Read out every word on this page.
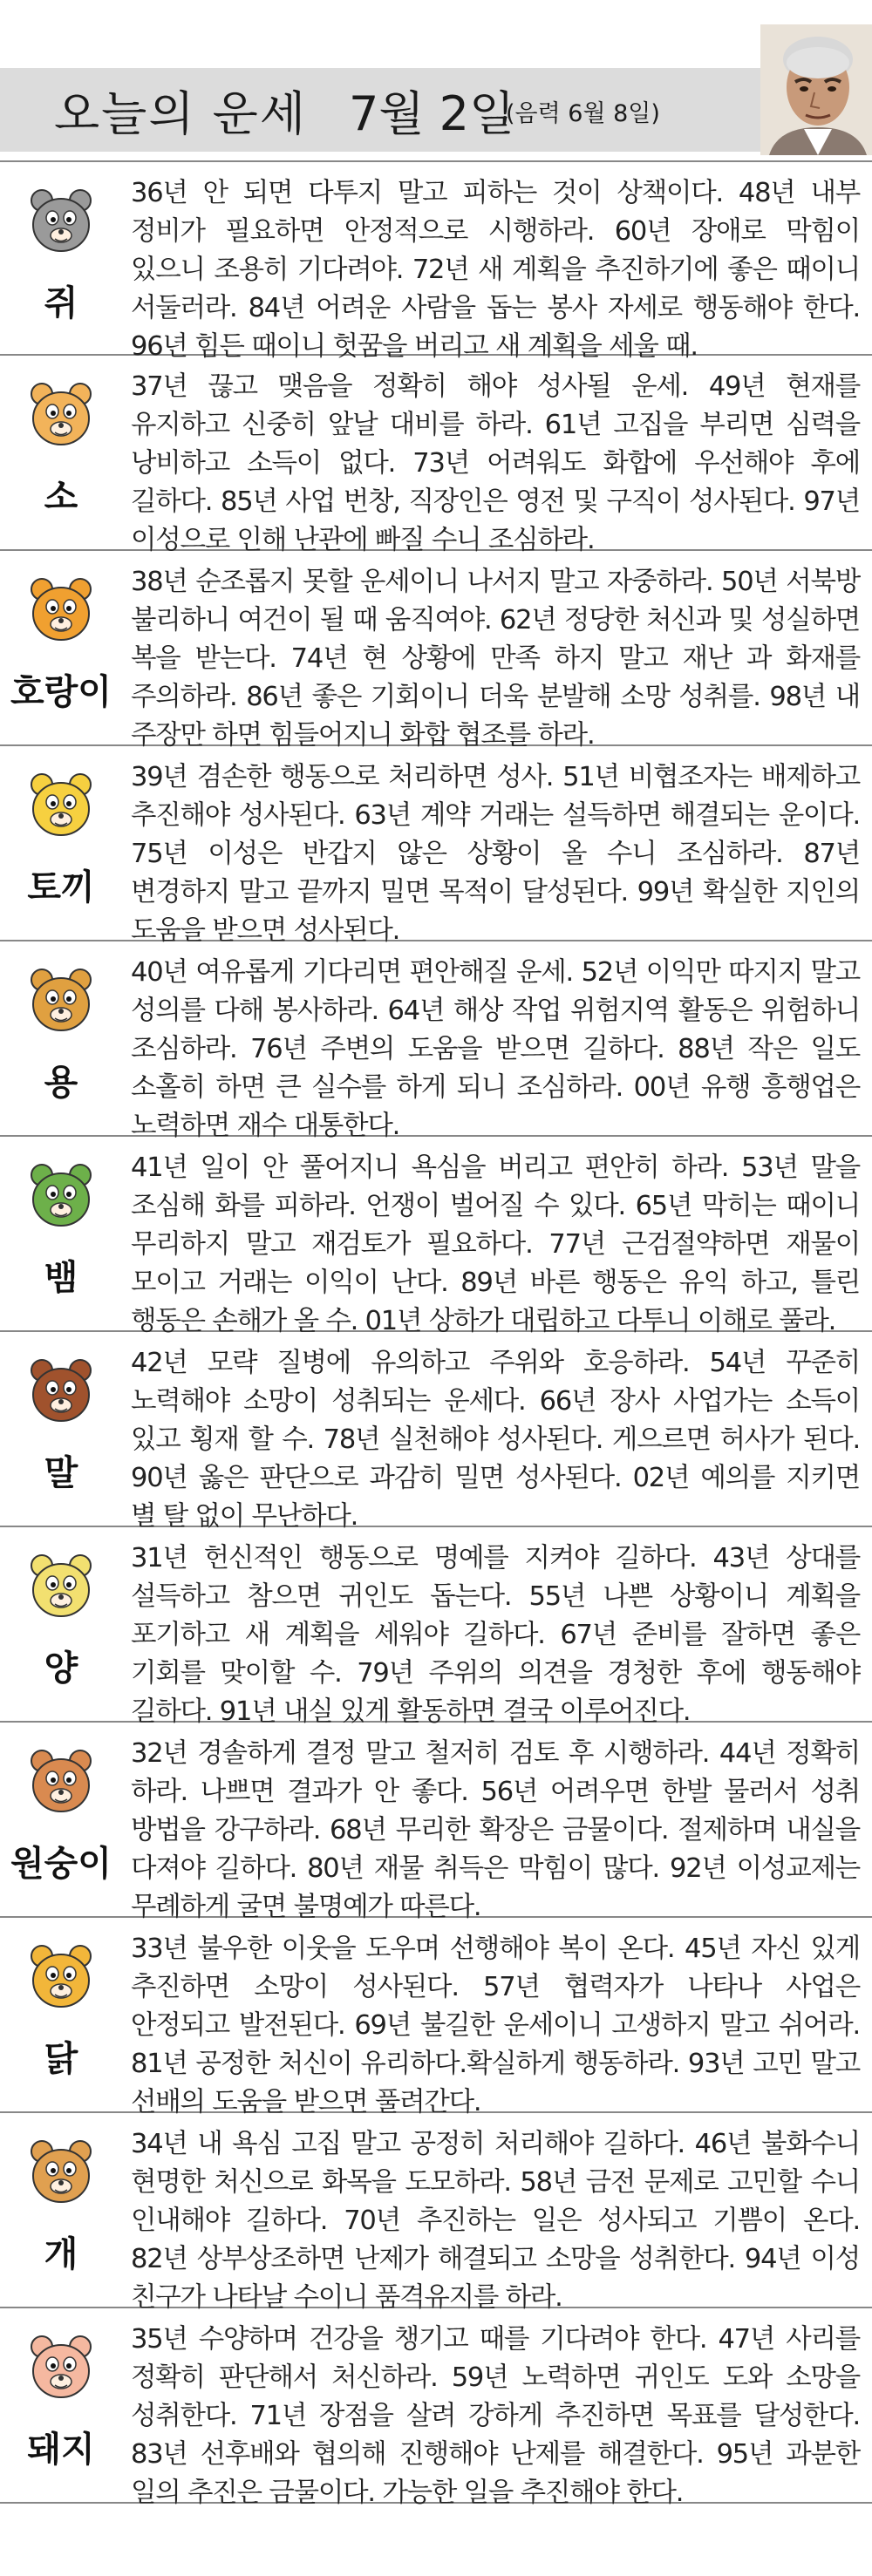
오늘의 운세 7월 2일
(음력 6월 8일)
쥐
36년 안 되면 다투지 말고 피하는 것이 상책이다. 48년 내부 정비가 필요하면 안정적으로 시행하라. 60년 장애로 막힘이 있으니 조용히 기다려야. 72년 새 계획을 추진하기에 좋은 때이니 서둘러라. 84년 어려운 사람을 돕는 봉사 자세로 행동해야 한다. 96년 힘든 때이니 헛꿈을 버리고 새 계획을 세울 때.
소
37년 끊고 맺음을 정확히 해야 성사될 운세. 49년 현재를 유지하고 신중히 앞날 대비를 하라. 61년 고집을 부리면 심력을 낭비하고 소득이 없다. 73년 어려워도 화합에 우선해야 후에 길하다. 85년 사업 번창, 직장인은 영전 및 구직이 성사된다. 97년 이성으로 인해 난관에 빠질 수니 조심하라.
호랑이
38년 순조롭지 못할 운세이니 나서지 말고 자중하라. 50년 서북방 불리하니 여건이 될 때 움직여야. 62년 정당한 처신과 및 성실하면 복을 받는다. 74년 현 상황에 만족 하지 말고 재난 과 화재를 주의하라. 86년 좋은 기회이니 더욱 분발해 소망 성취를. 98년 내 주장만 하면 힘들어지니 화합 협조를 하라.
토끼
39년 겸손한 행동으로 처리하면 성사. 51년 비협조자는 배제하고 추진해야 성사된다. 63년 계약 거래는 설득하면 해결되는 운이다. 75년 이성은 반갑지 않은 상황이 올 수니 조심하라. 87년 변경하지 말고 끝까지 밀면 목적이 달성된다. 99년 확실한 지인의 도움을 받으면 성사된다.
용
40년 여유롭게 기다리면 편안해질 운세. 52년 이익만 따지지 말고 성의를 다해 봉사하라. 64년 해상 작업 위험지역 활동은 위험하니 조심하라. 76년 주변의 도움을 받으면 길하다. 88년 작은 일도 소홀히 하면 큰 실수를 하게 되니 조심하라. 00년 유행 흥행업은 노력하면 재수 대통한다.
뱀
41년 일이 안 풀어지니 욕심을 버리고 편안히 하라. 53년 말을 조심해 화를 피하라. 언쟁이 벌어질 수 있다. 65년 막히는 때이니 무리하지 말고 재검토가 필요하다. 77년 근검절약하면 재물이 모이고 거래는 이익이 난다. 89년 바른 행동은 유익 하고, 틀린 행동은 손해가 올 수. 01년 상하가 대립하고 다투니 이해로 풀라.
말
42년 모략 질병에 유의하고 주위와 호응하라. 54년 꾸준히 노력해야 소망이 성취되는 운세다. 66년 장사 사업가는 소득이 있고 횡재 할 수. 78년 실천해야 성사된다. 게으르면 허사가 된다. 90년 옳은 판단으로 과감히 밀면 성사된다. 02년 예의를 지키면 별 탈 없이 무난하다.
양
31년 헌신적인 행동으로 명예를 지켜야 길하다. 43년 상대를 설득하고 참으면 귀인도 돕는다. 55년 나쁜 상황이니 계획을 포기하고 새 계획을 세워야 길하다. 67년 준비를 잘하면 좋은 기회를 맞이할 수. 79년 주위의 의견을 경청한 후에 행동해야 길하다. 91년 내실 있게 활동하면 결국 이루어진다.
원숭이
32년 경솔하게 결정 말고 철저히 검토 후 시행하라. 44년 정확히 하라. 나쁘면 결과가 안 좋다. 56년 어려우면 한발 물러서 성취 방법을 강구하라. 68년 무리한 확장은 금물이다. 절제하며 내실을 다져야 길하다. 80년 재물 취득은 막힘이 많다. 92년 이성교제는 무례하게 굴면 불명예가 따른다.
닭
33년 불우한 이웃을 도우며 선행해야 복이 온다. 45년 자신 있게 추진하면 소망이 성사된다. 57년 협력자가 나타나 사업은 안정되고 발전된다. 69년 불길한 운세이니 고생하지 말고 쉬어라. 81년 공정한 처신이 유리하다.확실하게 행동하라. 93년 고민 말고 선배의 도움을 받으면 풀려간다.
개
34년 내 욕심 고집 말고 공정히 처리해야 길하다. 46년 불화수니 현명한 처신으로 화목을 도모하라. 58년 금전 문제로 고민할 수니 인내해야 길하다. 70년 추진하는 일은 성사되고 기쁨이 온다. 82년 상부상조하면 난제가 해결되고 소망을 성취한다. 94년 이성 친구가 나타날 수이니 품격유지를 하라.
돼지
35년 수양하며 건강을 챙기고 때를 기다려야 한다. 47년 사리를 정확히 판단해서 처신하라. 59년 노력하면 귀인도 도와 소망을 성취한다. 71년 장점을 살려 강하게 추진하면 목표를 달성한다. 83년 선후배와 협의해 진행해야 난제를 해결한다. 95년 과분한 일의 추진은 금물이다. 가능한 일을 추진해야 한다.
